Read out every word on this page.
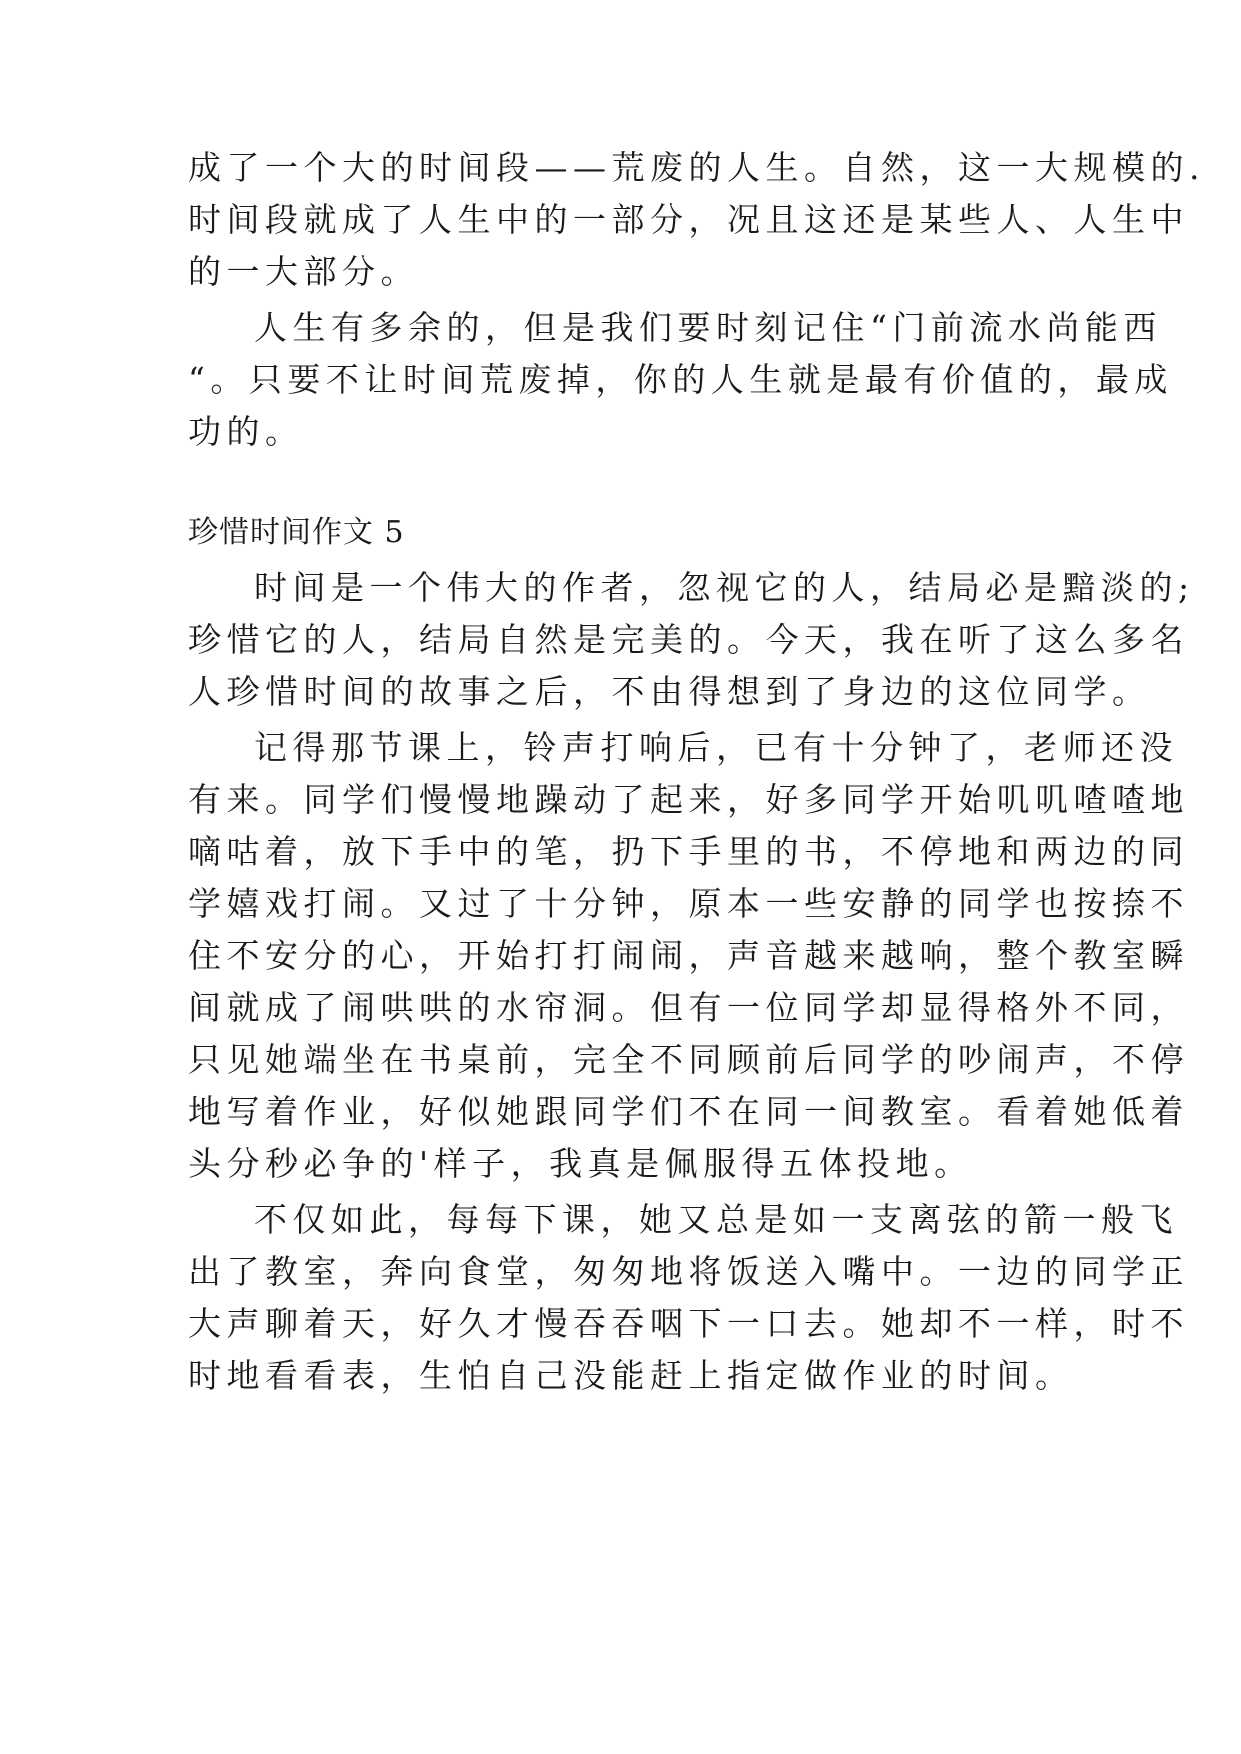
成了一个大的时间段——荒废的人生。自然，这一大规模的.
时间段就成了人生中的一部分，况且这还是某些人、人生中
的一大部分。
人生有多余的，但是我们要时刻记住“门前流水尚能西
“。只要不让时间荒废掉，你的人生就是最有价值的，最成
功的。
珍惜时间作文 5
时间是一个伟大的作者，忽视它的人，结局必是黯淡的;
珍惜它的人，结局自然是完美的。今天，我在听了这么多名
人珍惜时间的故事之后，不由得想到了身边的这位同学。
记得那节课上，铃声打响后，已有十分钟了，老师还没
有来。同学们慢慢地躁动了起来，好多同学开始叽叽喳喳地
嘀咕着，放下手中的笔，扔下手里的书，不停地和两边的同
学嬉戏打闹。又过了十分钟，原本一些安静的同学也按捺不
住不安分的心，开始打打闹闹，声音越来越响，整个教室瞬
间就成了闹哄哄的水帘洞。但有一位同学却显得格外不同，
只见她端坐在书桌前，完全不同顾前后同学的吵闹声，不停
地写着作业，好似她跟同学们不在同一间教室。看着她低着
头分秒必争的'样子，我真是佩服得五体投地。
不仅如此，每每下课，她又总是如一支离弦的箭一般飞
出了教室，奔向食堂，匆匆地将饭送入嘴中。一边的同学正
大声聊着天，好久才慢吞吞咽下一口去。她却不一样，时不
时地看看表，生怕自己没能赶上指定做作业的时间。
